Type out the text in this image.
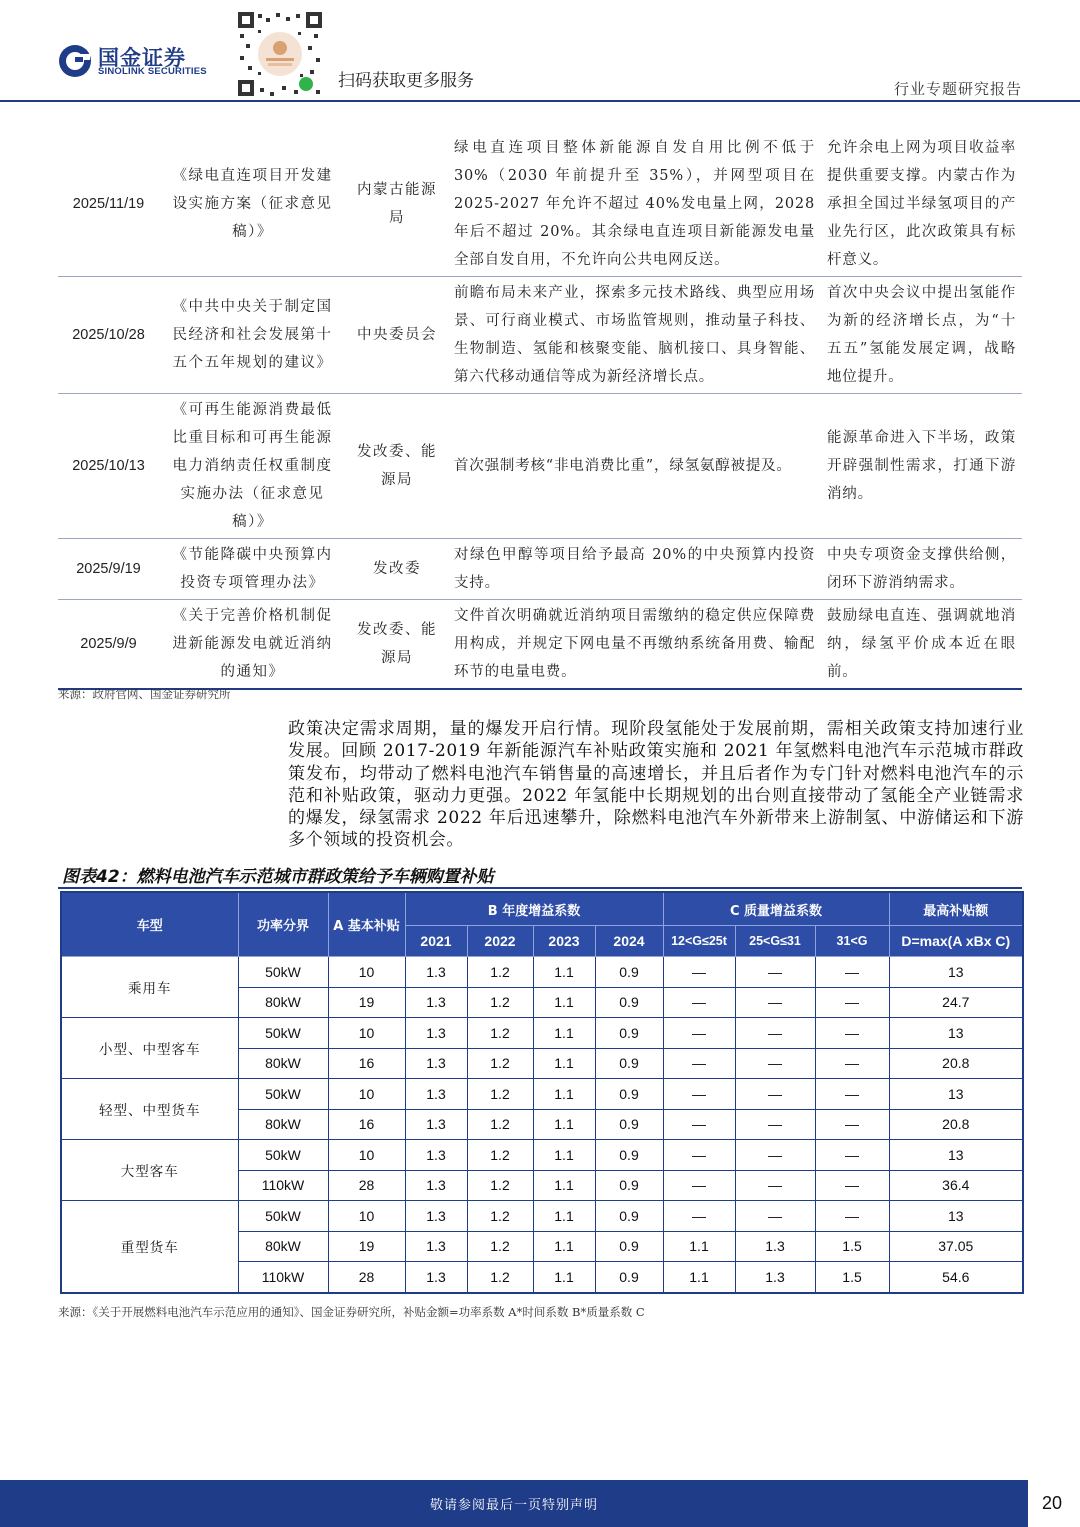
国金证券
SINOLINK SECURITIES	扫码获取更多服务	行业专题研究报告
2025/11/19	《绿电直连项目开发建设实施方案（征求意见稿）》	内蒙古能源局	绿电直连项目整体新能源自发自用比例不低于 30%（2030 年前提升至 35%），并网型项目在 2025-2027 年允许不超过 40%发电量上网，2028 年后不超过 20%。其余绿电直连项目新能源发电量全部自发自用，不允许向公共电网反送。	允许余电上网为项目收益率提供重要支撑。内蒙古作为承担全国过半绿氢项目的产业先行区，此次政策具有标杆意义。
2025/10/28	《中共中央关于制定国民经济和社会发展第十五个五年规划的建议》	中央委员会	前瞻布局未来产业，探索多元技术路线、典型应用场景、可行商业模式、市场监管规则，推动量子科技、生物制造、氢能和核聚变能、脑机接口、具身智能、第六代移动通信等成为新经济增长点。	首次中央会议中提出氢能作为新的经济增长点，为“十五五”氢能发展定调，战略地位提升。
2025/10/13	《可再生能源消费最低比重目标和可再生能源电力消纳责任权重制度实施办法（征求意见稿）》	发改委、能源局	首次强制考核“非电消费比重”，绿氢氨醇被提及。	能源革命进入下半场，政策开辟强制性需求，打通下游消纳。
2025/9/19	《节能降碳中央预算内投资专项管理办法》	发改委	对绿色甲醇等项目给予最高 20%的中央预算内投资支持。	中央专项资金支撑供给侧，闭环下游消纳需求。
2025/9/9	《关于完善价格机制促进新能源发电就近消纳的通知》	发改委、能源局	文件首次明确就近消纳项目需缴纳的稳定供应保障费用构成，并规定下网电量不再缴纳系统备用费、输配环节的电量电费。	鼓励绿电直连、强调就地消纳，绿氢平价成本近在眼前。
来源：政府官网、国金证券研究所
政策决定需求周期，量的爆发开启行情。现阶段氢能处于发展前期，需相关政策支持加速行业发展。回顾 2017-2019 年新能源汽车补贴政策实施和 2021 年氢燃料电池汽车示范城市群政策发布，均带动了燃料电池汽车销售量的高速增长，并且后者作为专门针对燃料电池汽车的示范和补贴政策，驱动力更强。2022 年氢能中长期规划的出台则直接带动了氢能全产业链需求的爆发，绿氢需求 2022 年后迅速攀升，除燃料电池汽车外新带来上游制氢、中游储运和下游多个领域的投资机会。
图表42：燃料电池汽车示范城市群政策给予车辆购置补贴
车型	功率分界	A 基本补贴	B 年度增益系数				C 质量增益系数			最高补贴额
			2021	2022	2023	2024	12<G≤25t	25<G≤31	31<G	D=max(A xBx C)
乘用车	50kW	10	1.3	1.2	1.1	0.9	—	—	—	13
	80kW	19	1.3	1.2	1.1	0.9	—	—	—	24.7
小型、中型客车	50kW	10	1.3	1.2	1.1	0.9	—	—	—	13
	80kW	16	1.3	1.2	1.1	0.9	—	—	—	20.8
轻型、中型货车	50kW	10	1.3	1.2	1.1	0.9	—	—	—	13
	80kW	16	1.3	1.2	1.1	0.9	—	—	—	20.8
大型客车	50kW	10	1.3	1.2	1.1	0.9	—	—	—	13
	110kW	28	1.3	1.2	1.1	0.9	—	—	—	36.4
重型货车	50kW	10	1.3	1.2	1.1	0.9	—	—	—	13
	80kW	19	1.3	1.2	1.1	0.9	1.1	1.3	1.5	37.05
	110kW	28	1.3	1.2	1.1	0.9	1.1	1.3	1.5	54.6
来源：《关于开展燃料电池汽车示范应用的通知》、国金证券研究所，补贴金额=功率系数 A*时间系数 B*质量系数 C
敬请参阅最后一页特别声明	20
